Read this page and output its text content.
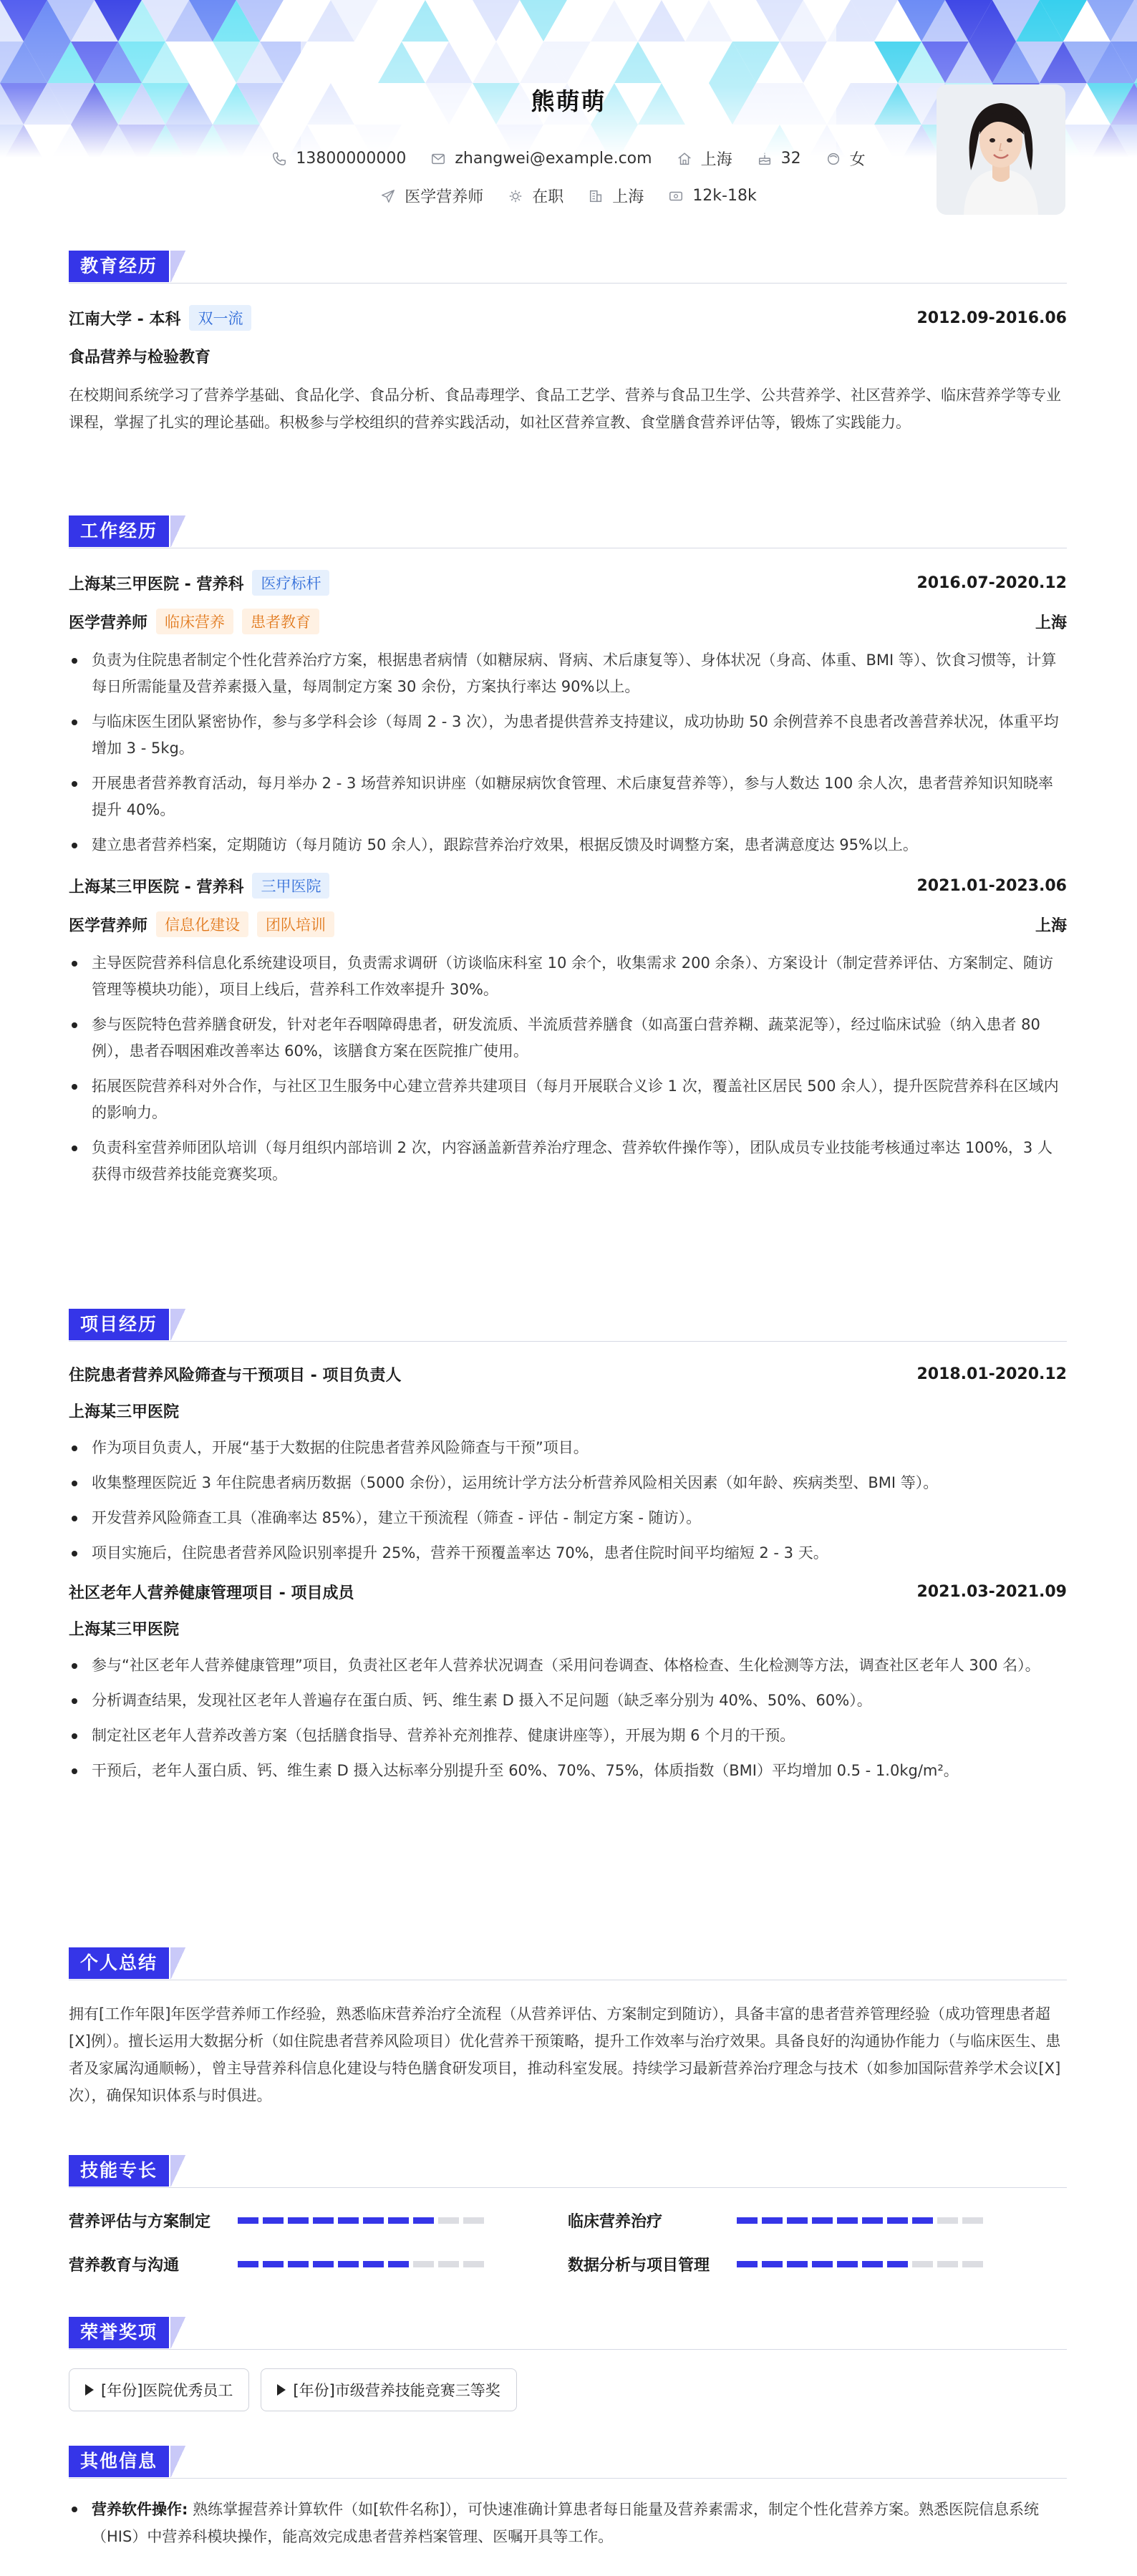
熊萌萌
13800000000	zhangwei@example.com	上海	32	女
医学营养师	在职	上海	12k-18k
教育经历
江南大学 - 本科	双一流	2012.09-2016.06
食品营养与检验教育
在校期间系统学习了营养学基础、食品化学、食品分析、食品毒理学、食品工艺学、营养与食品卫生学、公共营养学、社区营养学、临床营养学等专业课程，掌握了扎实的理论基础。积极参与学校组织的营养实践活动，如社区营养宣教、食堂膳食营养评估等，锻炼了实践能力。
工作经历
上海某三甲医院 - 营养科	医疗标杆	2016.07-2020.12
医学营养师	临床营养	患者教育	上海
负责为住院患者制定个性化营养治疗方案，根据患者病情（如糖尿病、肾病、术后康复等）、身体状况（身高、体重、BMI 等）、饮食习惯等，计算每日所需能量及营养素摄入量，每周制定方案 30 余份，方案执行率达 90%以上。
与临床医生团队紧密协作，参与多学科会诊（每周 2 - 3 次），为患者提供营养支持建议，成功协助 50 余例营养不良患者改善营养状况，体重平均增加 3 - 5kg。
开展患者营养教育活动，每月举办 2 - 3 场营养知识讲座（如糖尿病饮食管理、术后康复营养等），参与人数达 100 余人次，患者营养知识知晓率提升 40%。
建立患者营养档案，定期随访（每月随访 50 余人），跟踪营养治疗效果，根据反馈及时调整方案，患者满意度达 95%以上。
上海某三甲医院 - 营养科	三甲医院	2021.01-2023.06
医学营养师	信息化建设	团队培训	上海
主导医院营养科信息化系统建设项目，负责需求调研（访谈临床科室 10 余个，收集需求 200 余条）、方案设计（制定营养评估、方案制定、随访管理等模块功能），项目上线后，营养科工作效率提升 30%。
参与医院特色营养膳食研发，针对老年吞咽障碍患者，研发流质、半流质营养膳食（如高蛋白营养糊、蔬菜泥等），经过临床试验（纳入患者 80 例），患者吞咽困难改善率达 60%，该膳食方案在医院推广使用。
拓展医院营养科对外合作，与社区卫生服务中心建立营养共建项目（每月开展联合义诊 1 次，覆盖社区居民 500 余人），提升医院营养科在区域内的影响力。
负责科室营养师团队培训（每月组织内部培训 2 次，内容涵盖新营养治疗理念、营养软件操作等），团队成员专业技能考核通过率达 100%，3 人获得市级营养技能竞赛奖项。
项目经历
住院患者营养风险筛查与干预项目 - 项目负责人	2018.01-2020.12
上海某三甲医院
作为项目负责人，开展“基于大数据的住院患者营养风险筛查与干预”项目。
收集整理医院近 3 年住院患者病历数据（5000 余份），运用统计学方法分析营养风险相关因素（如年龄、疾病类型、BMI 等）。
开发营养风险筛查工具（准确率达 85%），建立干预流程（筛查 - 评估 - 制定方案 - 随访）。
项目实施后，住院患者营养风险识别率提升 25%，营养干预覆盖率达 70%，患者住院时间平均缩短 2 - 3 天。
社区老年人营养健康管理项目 - 项目成员	2021.03-2021.09
上海某三甲医院
参与“社区老年人营养健康管理”项目，负责社区老年人营养状况调查（采用问卷调查、体格检查、生化检测等方法，调查社区老年人 300 名）。
分析调查结果，发现社区老年人普遍存在蛋白质、钙、维生素 D 摄入不足问题（缺乏率分别为 40%、50%、60%）。
制定社区老年人营养改善方案（包括膳食指导、营养补充剂推荐、健康讲座等），开展为期 6 个月的干预。
干预后，老年人蛋白质、钙、维生素 D 摄入达标率分别提升至 60%、70%、75%，体质指数（BMI）平均增加 0.5 - 1.0kg/m²。
个人总结
拥有[工作年限]年医学营养师工作经验，熟悉临床营养治疗全流程（从营养评估、方案制定到随访），具备丰富的患者营养管理经验（成功管理患者超[X]例）。擅长运用大数据分析（如住院患者营养风险项目）优化营养干预策略，提升工作效率与治疗效果。具备良好的沟通协作能力（与临床医生、患者及家属沟通顺畅），曾主导营养科信息化建设与特色膳食研发项目，推动科室发展。持续学习最新营养治疗理念与技术（如参加国际营养学术会议[X]次），确保知识体系与时俱进。
技能专长
营养评估与方案制定	临床营养治疗
营养教育与沟通	数据分析与项目管理
荣誉奖项
[年份]医院优秀员工	[年份]市级营养技能竞赛三等奖
其他信息
营养软件操作: 熟练掌握营养计算软件（如[软件名称]），可快速准确计算患者每日能量及营养素需求，制定个性化营养方案。熟悉医院信息系统（HIS）中营养科模块操作，能高效完成患者营养档案管理、医嘱开具等工作。
